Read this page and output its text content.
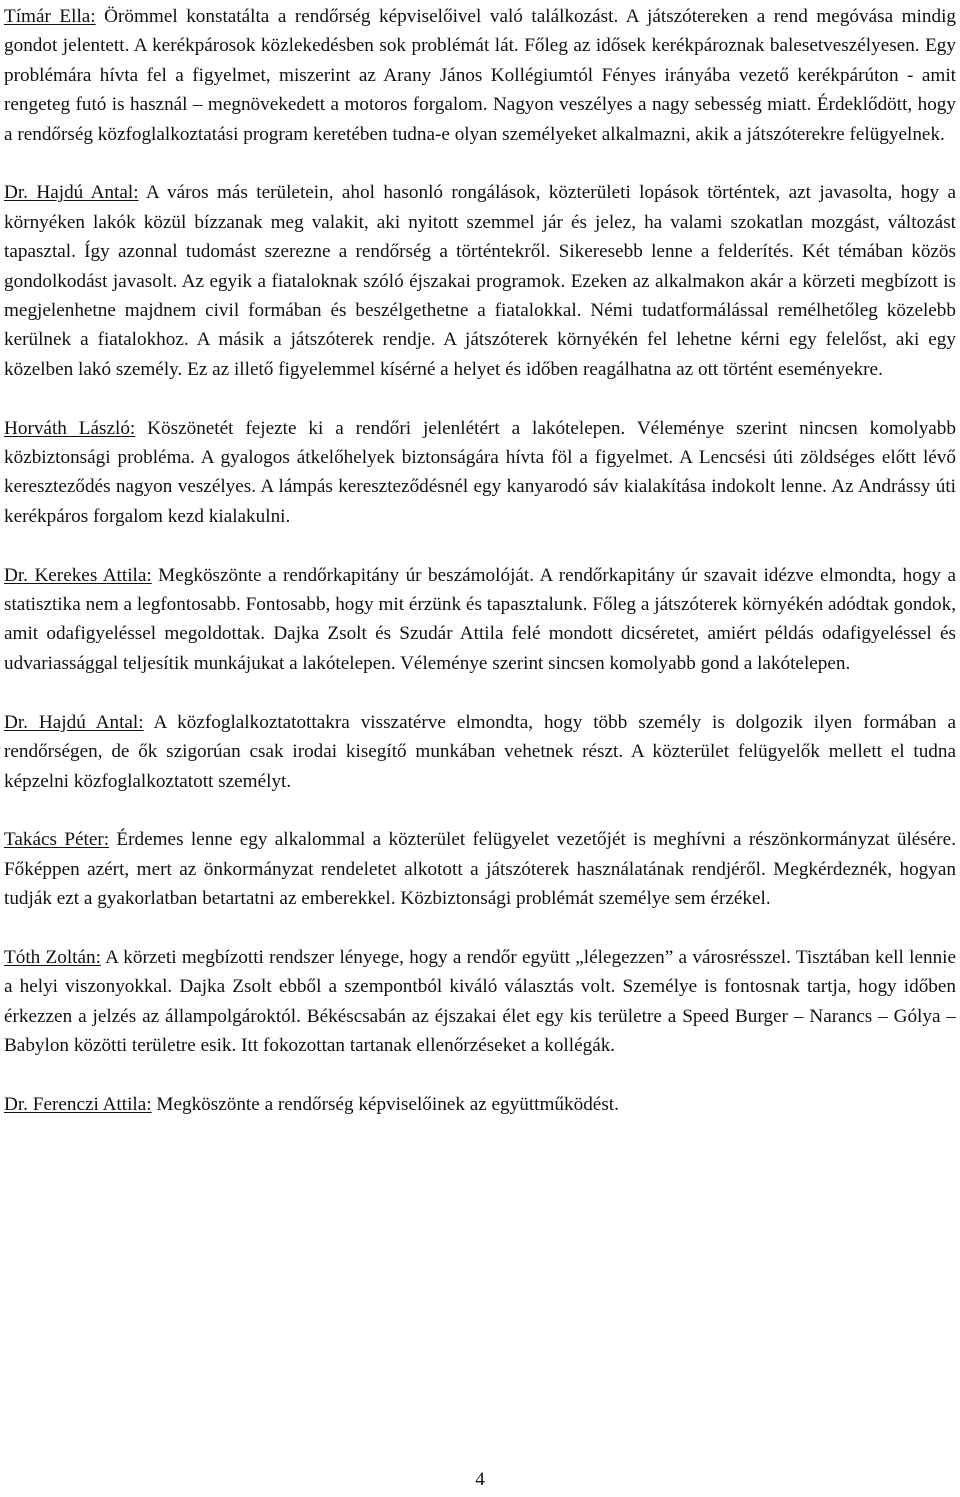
Tímár Ella: Örömmel konstatálta a rendőrség képviselőivel való találkozást. A játszótereken a rend megóvása mindig gondot jelentett. A kerékpárosok közlekedésben sok problémát lát. Főleg az idősek kerékpároznak balesetveszélyesen. Egy problémára hívta fel a figyelmet, miszerint az Arany János Kollégiumtól Fényes irányába vezető kerékpárúton - amit rengeteg futó is használ – megnövekedett a motoros forgalom. Nagyon veszélyes a nagy sebesség miatt. Érdeklődött, hogy a rendőrség közfoglalkoztatási program keretében tudna-e olyan személyeket alkalmazni, akik a játszóterekre felügyelnek.

Dr. Hajdú Antal: A város más területein, ahol hasonló rongálások, közterületi lopások történtek, azt javasolta, hogy a környéken lakók közül bízzanak meg valakit, aki nyitott szemmel jár és jelez, ha valami szokatlan mozgást, változást tapasztal. Így azonnal tudomást szerezne a rendőrség a történtekről. Sikeresebb lenne a felderítés. Két témában közös gondolkodást javasolt. Az egyik a fiataloknak szóló éjszakai programok. Ezeken az alkalmakon akár a körzeti megbízott is megjelenhetne majdnem civil formában és beszélgethetne a fiatalokkal. Némi tudatformálással remélhetőleg közelebb kerülnek a fiatalokhoz. A másik a játszóterek rendje. A játszóterek környékén fel lehetne kérni egy felelőst, aki egy közelben lakó személy. Ez az illető figyelemmel kísérné a helyet és időben reagálhatna az ott történt eseményekre.

Horváth László: Köszönetét fejezte ki a rendőri jelenlétért a lakótelepen. Véleménye szerint nincsen komolyabb közbiztonsági probléma. A gyalogos átkelőhelyek biztonságára hívta föl a figyelmet. A Lencsési úti zöldséges előtt lévő kereszteződés nagyon veszélyes. A lámpás kereszteződésnél egy kanyarodó sáv kialakítása indokolt lenne. Az Andrássy úti kerékpáros forgalom kezd kialakulni.

Dr. Kerekes Attila: Megköszönte a rendőrkapitány úr beszámolóját. A rendőrkapitány úr szavait idézve elmondta, hogy a statisztika nem a legfontosabb. Fontosabb, hogy mit érzünk és tapasztalunk. Főleg a játszóterek környékén adódtak gondok, amit odafigyeléssel megoldottak. Dajka Zsolt és Szudár Attila felé mondott dicséretet, amiért példás odafigyeléssel és udvariassággal teljesítik munkájukat a lakótelepen. Véleménye szerint sincsen komolyabb gond a lakótelepen.

Dr. Hajdú Antal: A közfoglalkoztatottakra visszatérve elmondta, hogy több személy is dolgozik ilyen formában a rendőrségen, de ők szigorúan csak irodai kisegítő munkában vehetnek részt. A közterület felügyelők mellett el tudna képzelni közfoglalkoztatott személyt.

Takács Péter: Érdemes lenne egy alkalommal a közterület felügyelet vezetőjét is meghívni a részönkormányzat ülésére. Főképpen azért, mert az önkormányzat rendeletet alkotott a játszóterek használatának rendjéről. Megkérdeznék, hogyan tudják ezt a gyakorlatban betartatni az emberekkel. Közbiztonsági problémát személye sem érzékel.

Tóth Zoltán: A körzeti megbízotti rendszer lényege, hogy a rendőr együtt „lélegezzen” a városrésszel. Tisztában kell lennie a helyi viszonyokkal. Dajka Zsolt ebből a szempontból kiváló választás volt. Személye is fontosnak tartja, hogy időben érkezzen a jelzés az állampolgároktól. Békéscsabán az éjszakai élet egy kis területre a Speed Burger – Narancs – Gólya – Babylon közötti területre esik. Itt fokozottan tartanak ellenőrzéseket a kollégák.

Dr. Ferenczi Attila: Megköszönte a rendőrség képviselőinek az együttműködést.

4
